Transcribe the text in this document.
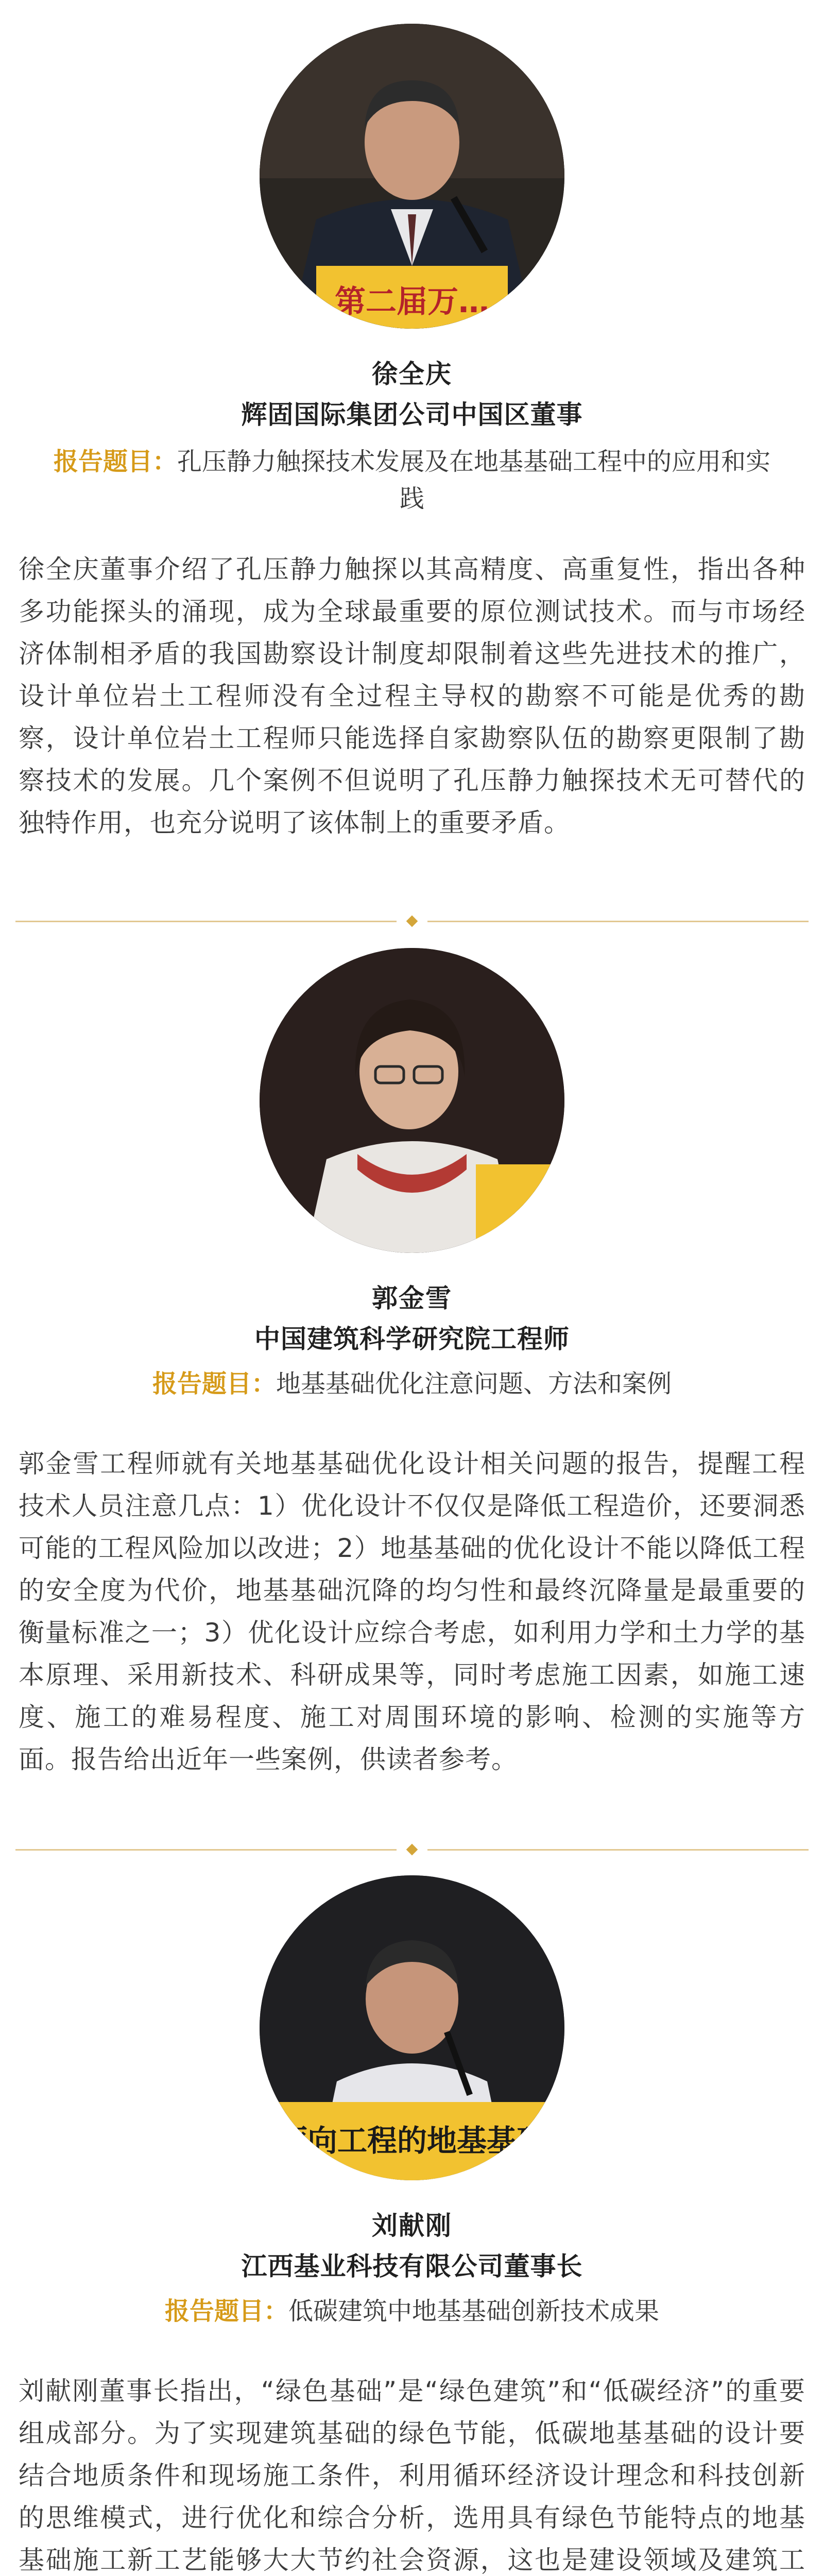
第二届万…
徐全庆
辉固国际集团公司中国区董事
报告题目：孔压静力触探技术发展及在地基基础工程中的应用和实践
徐全庆董事介绍了孔压静力触探以其高精度、高重复性，指出各种多功能探头的涌现，成为全球最重要的原位测试技术。而与市场经济体制相矛盾的我国勘察设计制度却限制着这些先进技术的推广，设计单位岩土工程师没有全过程主导权的勘察不可能是优秀的勘察，设计单位岩土工程师只能选择自家勘察队伍的勘察更限制了勘察技术的发展。几个案例不但说明了孔压静力触探技术无可替代的独特作用，也充分说明了该体制上的重要矛盾。
郭金雪
中国建筑科学研究院工程师
报告题目：地基基础优化注意问题、方法和案例
郭金雪工程师就有关地基基础优化设计相关问题的报告，提醒工程技术人员注意几点：1）优化设计不仅仅是降低工程造价，还要洞悉可能的工程风险加以改进；2）地基基础的优化设计不能以降低工程的安全度为代价，地基基础沉降的均匀性和最终沉降量是最重要的衡量标准之一；3）优化设计应综合考虑，如利用力学和土力学的基本原理、采用新技术、科研成果等，同时考虑施工因素，如施工速度、施工的难易程度、施工对周围环境的影响、检测的实施等方面。报告给出近年一些案例，供读者参考。
面向工程的地基基础
刘献刚
江西基业科技有限公司董事长
报告题目：低碳建筑中地基基础创新技术成果
刘献刚董事长指出，“绿色基础”是“绿色建筑”和“低碳经济”的重要组成部分。为了实现建筑基础的绿色节能，低碳地基基础的设计要结合地质条件和现场施工条件，利用循环经济设计理念和科技创新的思维模式，进行优化和综合分析，选用具有绿色节能特点的地基基础施工新工艺能够大大节约社会资源，这也是建设领域及建筑工
